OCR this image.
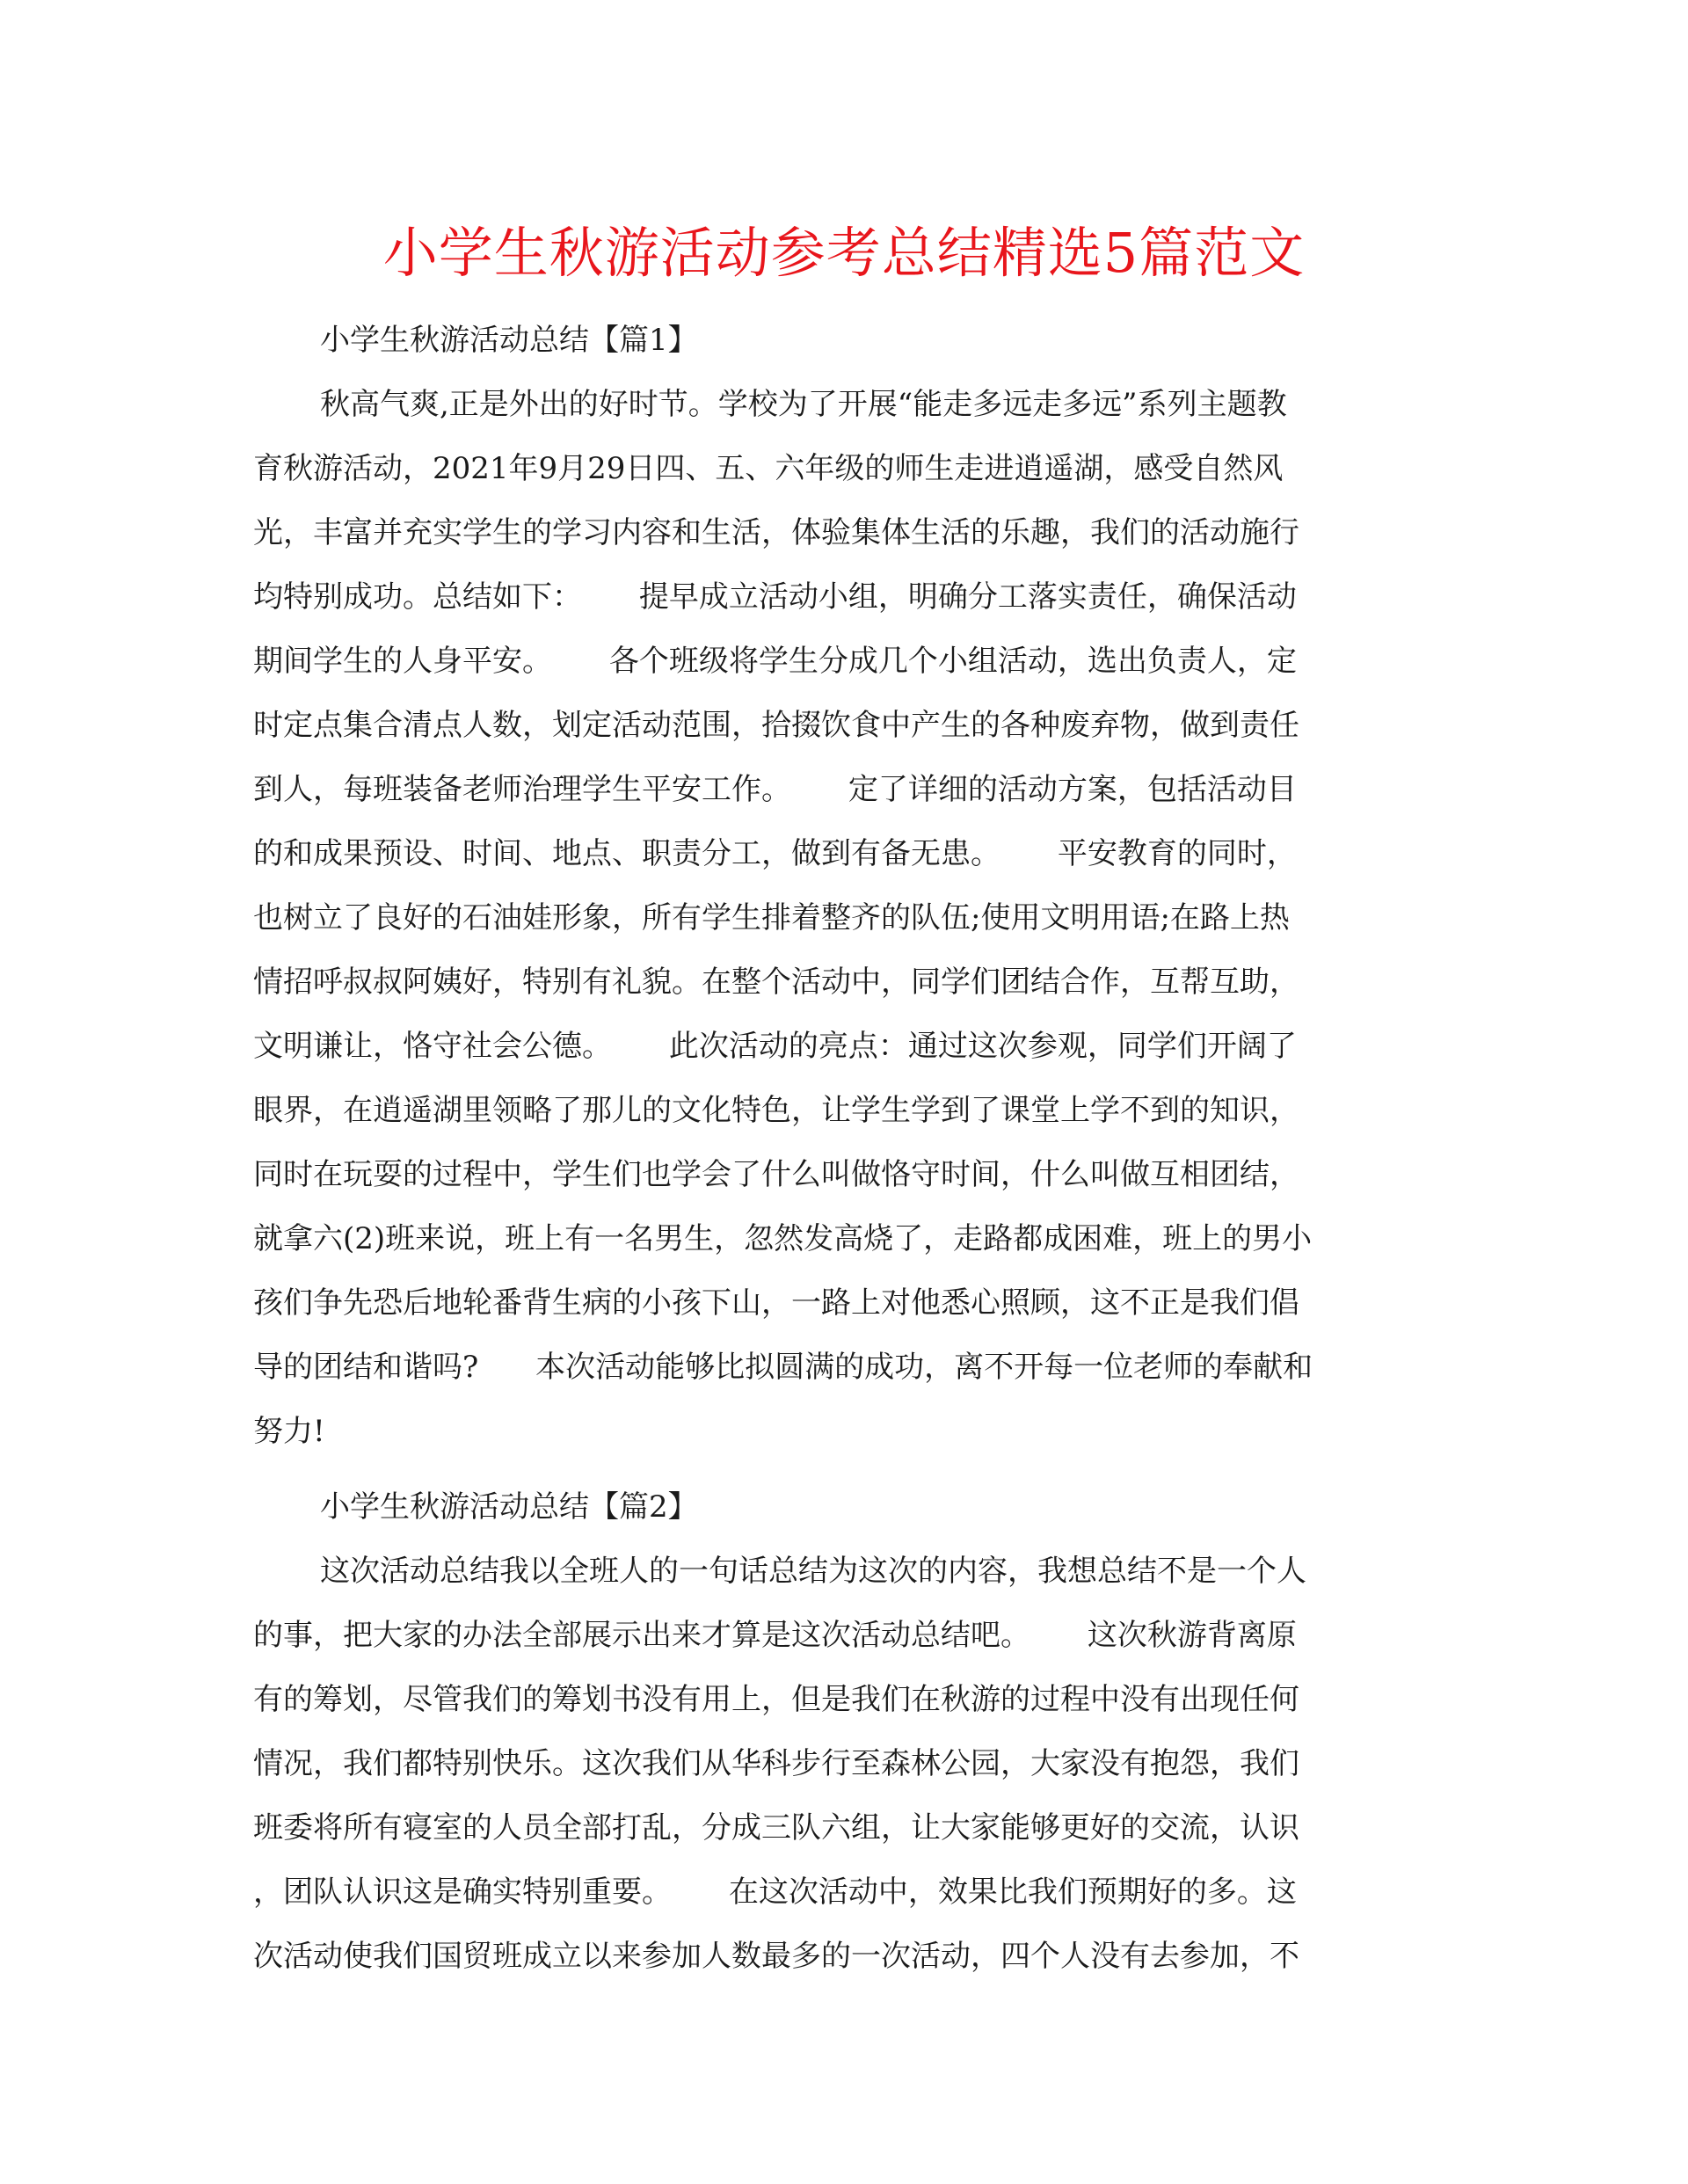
小学生秋游活动参考总结精选5篇范文
小学生秋游活动总结【篇1】
秋高气爽,正是外出的好时节。学校为了开展“能走多远走多远”系列主题教
育秋游活动，2021年9月29日四、五、六年级的师生走进逍遥湖，感受自然风
光，丰富并充实学生的学习内容和生活，体验集体生活的乐趣，我们的活动施行
均特别成功。总结如下：      提早成立活动小组，明确分工落实责任，确保活动
期间学生的人身平安。      各个班级将学生分成几个小组活动，选出负责人，定
时定点集合清点人数，划定活动范围，拾掇饮食中产生的各种废弃物，做到责任
到人，每班装备老师治理学生平安工作。      定了详细的活动方案，包括活动目
的和成果预设、时间、地点、职责分工，做到有备无患。      平安教育的同时，
也树立了良好的石油娃形象，所有学生排着整齐的队伍;使用文明用语;在路上热
情招呼叔叔阿姨好，特别有礼貌。在整个活动中，同学们团结合作，互帮互助，
文明谦让，恪守社会公德。      此次活动的亮点：通过这次参观，同学们开阔了
眼界，在逍遥湖里领略了那儿的文化特色，让学生学到了课堂上学不到的知识，
同时在玩耍的过程中，学生们也学会了什么叫做恪守时间，什么叫做互相团结，
就拿六(2)班来说，班上有一名男生，忽然发高烧了，走路都成困难，班上的男小
孩们争先恐后地轮番背生病的小孩下山，一路上对他悉心照顾，这不正是我们倡
导的团结和谐吗?      本次活动能够比拟圆满的成功，离不开每一位老师的奉献和
努力!
小学生秋游活动总结【篇2】
这次活动总结我以全班人的一句话总结为这次的内容，我想总结不是一个人
的事，把大家的办法全部展示出来才算是这次活动总结吧。      这次秋游背离原
有的筹划，尽管我们的筹划书没有用上，但是我们在秋游的过程中没有出现任何
情况，我们都特别快乐。这次我们从华科步行至森林公园，大家没有抱怨，我们
班委将所有寝室的人员全部打乱，分成三队六组，让大家能够更好的交流，认识
，团队认识这是确实特别重要。      在这次活动中，效果比我们预期好的多。这
次活动使我们国贸班成立以来参加人数最多的一次活动，四个人没有去参加，不
